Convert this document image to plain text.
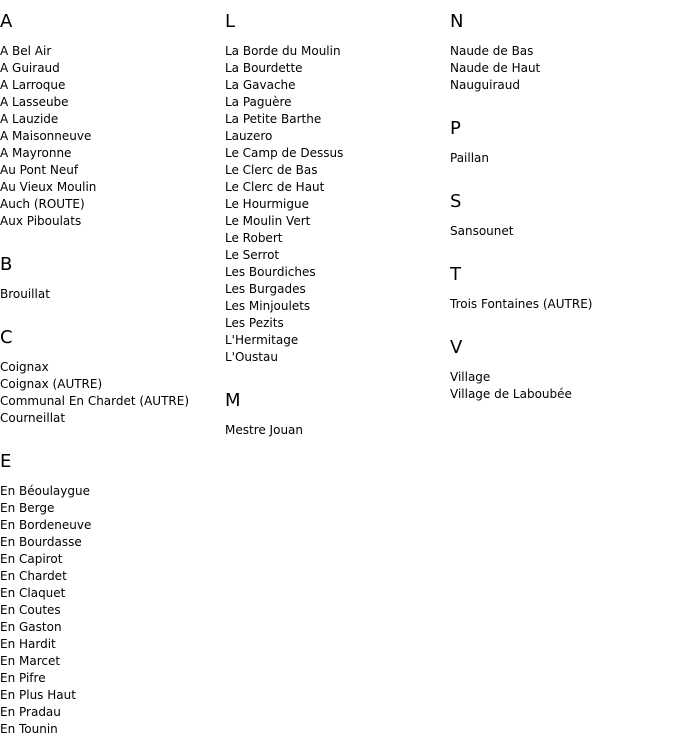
A
A Bel Air
A Guiraud
A Larroque
A Lasseube
A Lauzide
A Maisonneuve
A Mayronne
Au Pont Neuf
Au Vieux Moulin
Auch (ROUTE)
Aux Piboulats
B
Brouillat
C
Coignax
Coignax (AUTRE)
Communal En Chardet (AUTRE)
Courneillat
E
En Béoulaygue
En Berge
En Bordeneuve
En Bourdasse
En Capirot
En Chardet
En Claquet
En Coutes
En Gaston
En Hardit
En Marcet
En Pifre
En Plus Haut
En Pradau
En Tounin
L
La Borde du Moulin
La Bourdette
La Gavache
La Paguère
La Petite Barthe
Lauzero
Le Camp de Dessus
Le Clerc de Bas
Le Clerc de Haut
Le Hourmigue
Le Moulin Vert
Le Robert
Le Serrot
Les Bourdiches
Les Burgades
Les Minjoulets
Les Pezits
L'Hermitage
L'Oustau
M
Mestre Jouan
N
Naude de Bas
Naude de Haut
Nauguiraud
P
Paillan
S
Sansounet
T
Trois Fontaines (AUTRE)
V
Village
Village de Laboubée
